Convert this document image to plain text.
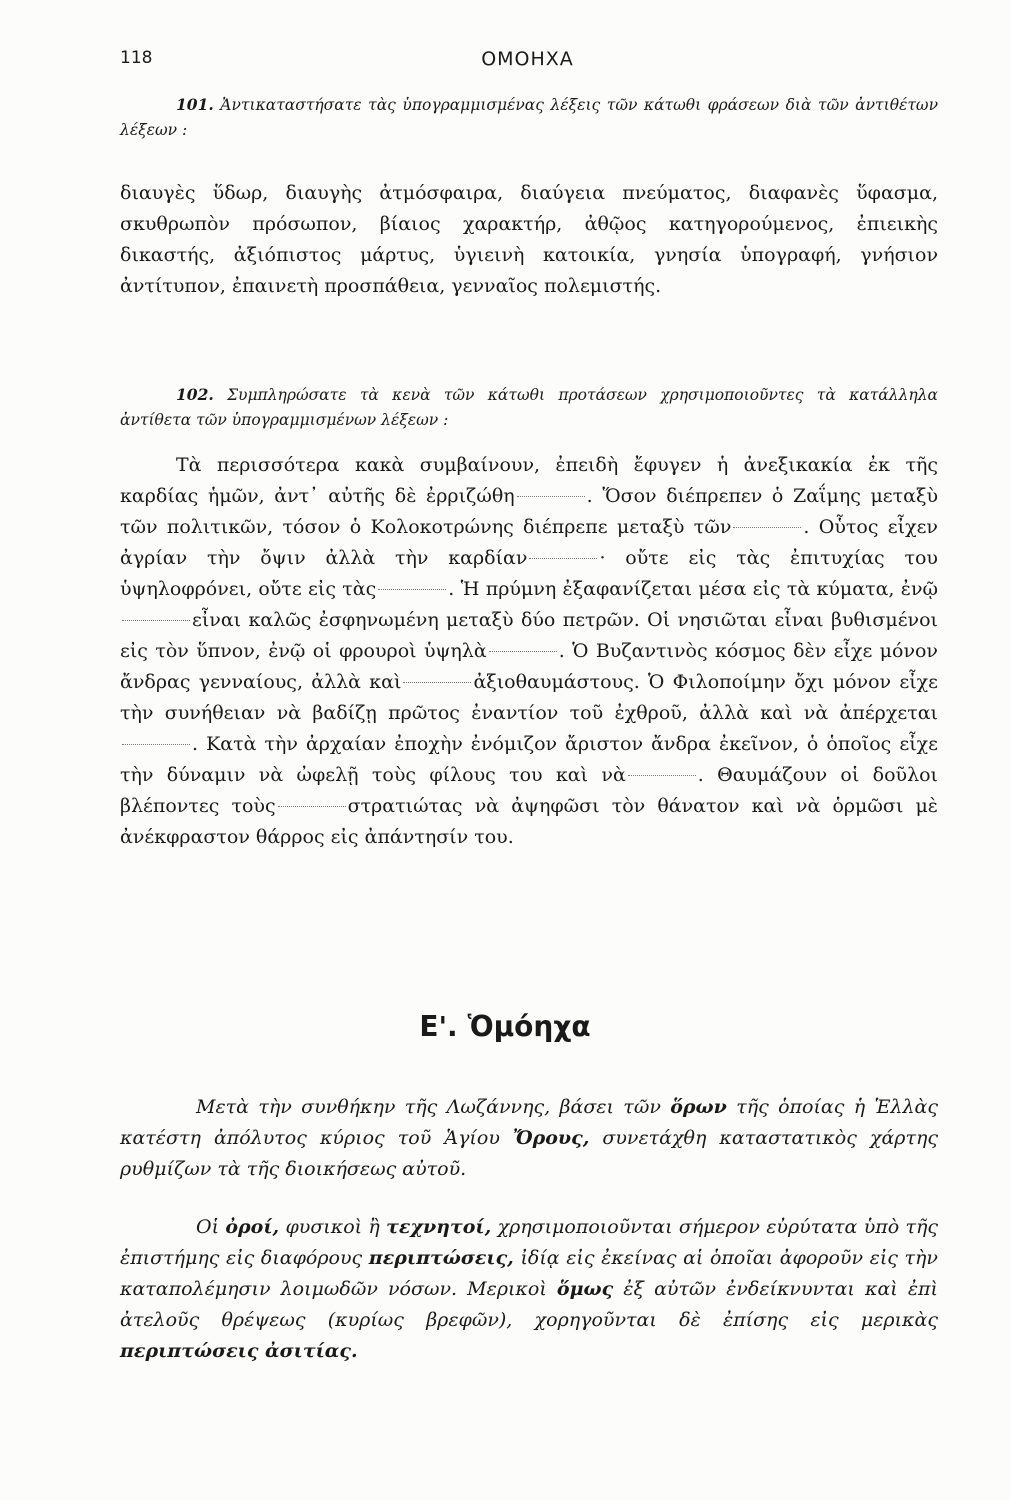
118	ΟΜΟΗΧΑ
101. Ἀντικαταστήσατε τὰς ὑπογραμμισμένας λέξεις τῶν κάτωθι φράσεων διὰ τῶν ἀντιθέτων λέξεων :
διαυγὲς ὕδωρ, διαυγὴς ἀτμόσφαιρα, διαύγεια πνεύματος, διαφανὲς ὕφασμα, σκυθρωπὸν πρόσωπον, βίαιος χαρακτήρ, ἀθῷος κατηγορούμενος, ἐπιεικὴς δικαστής, ἀξιόπιστος μάρτυς, ὑγιεινὴ κατοικία, γνησία ὑπογραφή, γνήσιον ἀντίτυπον, ἐπαινετὴ προσπάθεια, γενναῖος πολεμιστής.
102. Συμπληρώσατε τὰ κενὰ τῶν κάτωθι προτάσεων χρησιμοποιοῦντες τὰ κατάλληλα ἀντίθετα τῶν ὑπογραμμισμένων λέξεων :
Τὰ περισσότερα κακὰ συμβαίνουν, ἐπειδὴ ἔφυγεν ἡ ἀνεξικακία ἐκ τῆς καρδίας ἡμῶν, ἀντ᾿ αὐτῆς δὲ ἐρριζώθη	. Ὅσον διέπρεπεν ὁ Ζαΐμης μεταξὺ τῶν πολιτικῶν, τόσον ὁ Κολοκοτρώνης διέπρεπε μεταξὺ τῶν	. Οὗτος εἶχεν ἀγρίαν τὴν ὄψιν ἀλλὰ τὴν καρδίαν	· οὔτε εἰς τὰς ἐπιτυχίας του ὑψηλοφρόνει, οὔτε εἰς τὰς	. Ἡ πρύμνη ἐξαφανίζεται μέσα εἰς τὰ κύματα, ἐνῷεἶναι καλῶς ἐσφηνωμένη μεταξὺ δύο πετρῶν. Οἱ νησιῶται εἶναι βυθισμένοι εἰς τὸν ὕπνον, ἐνῷ οἱ φρουροὶ ὑψηλὰ	. Ὁ Βυζαντινὸς κόσμος δὲν εἶχε μόνον ἄνδρας γενναίους, ἀλλὰ καὶ	ἀξιοθαυμάστους. Ὁ Φιλοποίμην ὄχι μόνον εἶχε τὴν συνήθειαν νὰ βαδίζῃ πρῶτος ἐναντίον τοῦ ἐχθροῦ, ἀλλὰ καὶ νὰ ἀπέρχεται. Κατὰ τὴν ἀρχαίαν ἐποχὴν ἐνόμιζον ἄριστον ἄνδρα ἐκεῖνον, ὁ ὁποῖος εἶχε τὴν δύναμιν νὰ ὠφελῇ τοὺς φίλους του καὶ νὰ	. Θαυμάζουν οἱ δοῦλοι βλέποντες τοὺς	στρατιώτας νὰ ἀψηφῶσι τὸν θάνατον καὶ νὰ ὁρμῶσι μὲ ἀνέκφραστον θάρρος εἰς ἀπάντησίν του.
Ε'. Ὁμόηχα
Μετὰ τὴν συνθήκην τῆς Λωζάννης, βάσει τῶν ὅρων τῆς ὁποίας ἡ Ἑλλὰς κατέστη ἀπόλυτος κύριος τοῦ Ἁγίου Ὄρους, συνετάχθη καταστατικὸς χάρτης ρυθμίζων τὰ τῆς διοικήσεως αὐτοῦ.
Οἱ ὀροί, φυσικοὶ ἢ τεχνητοί, χρησιμοποιοῦνται σήμερον εὐρύτατα ὑπὸ τῆς ἐπιστήμης εἰς διαφόρους περιπτώσεις, ἰδίᾳ εἰς ἐκείνας αἱ ὁποῖαι ἀφοροῦν εἰς τὴν καταπολέμησιν λοιμωδῶν νόσων. Μερικοὶ ὅμως ἐξ αὐτῶν ἐνδείκνυνται καὶ ἐπὶ ἀτελοῦς θρέψεως (κυρίως βρεφῶν), χορηγοῦνται δὲ ἐπίσης εἰς μερικὰς περιπτώσεις ἀσιτίας.
